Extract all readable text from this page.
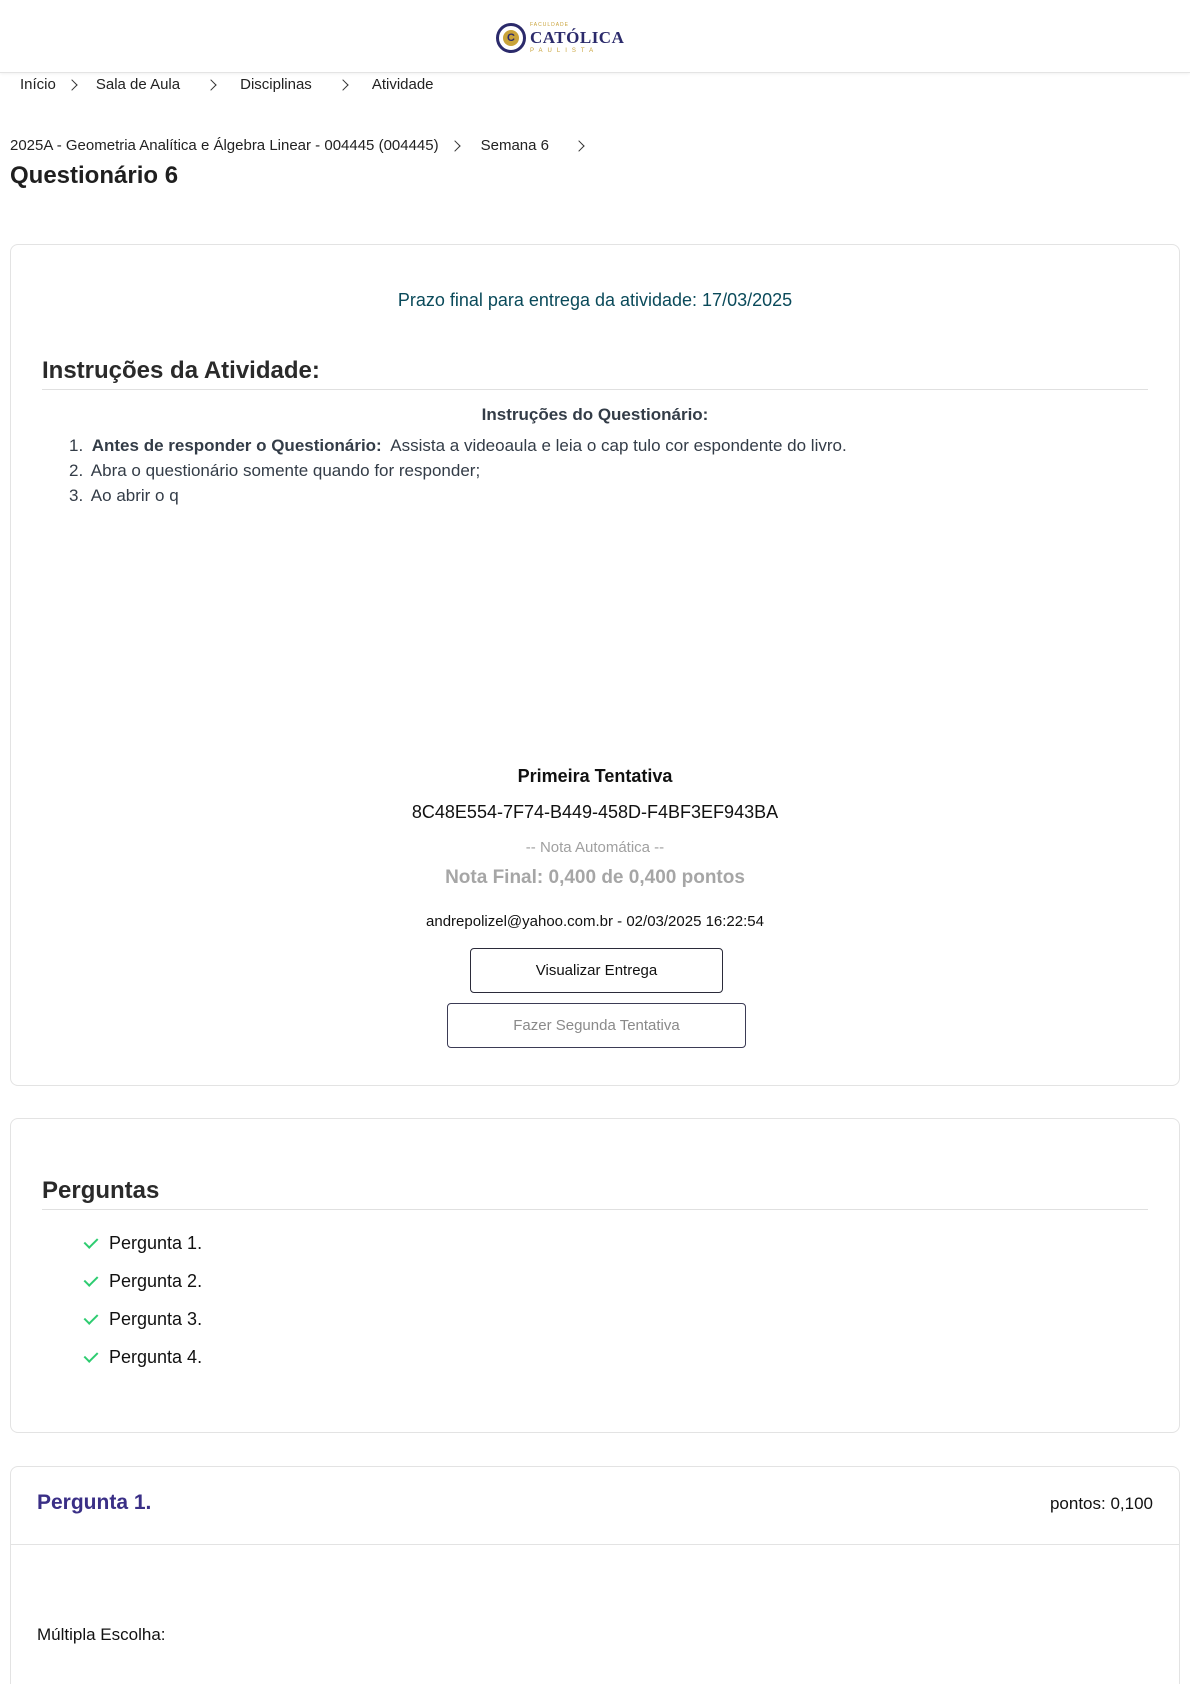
C
FACULDADE
CATÓLICA
PAULISTA
Início	Sala de Aula	Disciplinas	Atividade
2025A - Geometria Analítica e Álgebra Linear - 004445 (004445)	Semana 6
Questionário 6
Prazo final para entrega da atividade: 17/03/2025
Instruções da Atividade:
Instruções do Questionário:
1. Antes de responder o Questionário: Assista a videoaula e leia o cap tulo cor espondente do livro.
2. Abra o questionário somente quando for responder;
3. Ao abrir o q
Primeira Tentativa
8C48E554-7F74-B449-458D-F4BF3EF943BA
-- Nota Automática --
Nota Final: 0,400 de 0,400 pontos
andrepolizel@yahoo.com.br - 02/03/2025 16:22:54
Visualizar Entrega
Fazer Segunda Tentativa
Perguntas
Pergunta 1.
Pergunta 2.
Pergunta 3.
Pergunta 4.
Pergunta 1.	pontos: 0,100
Múltipla Escolha:
